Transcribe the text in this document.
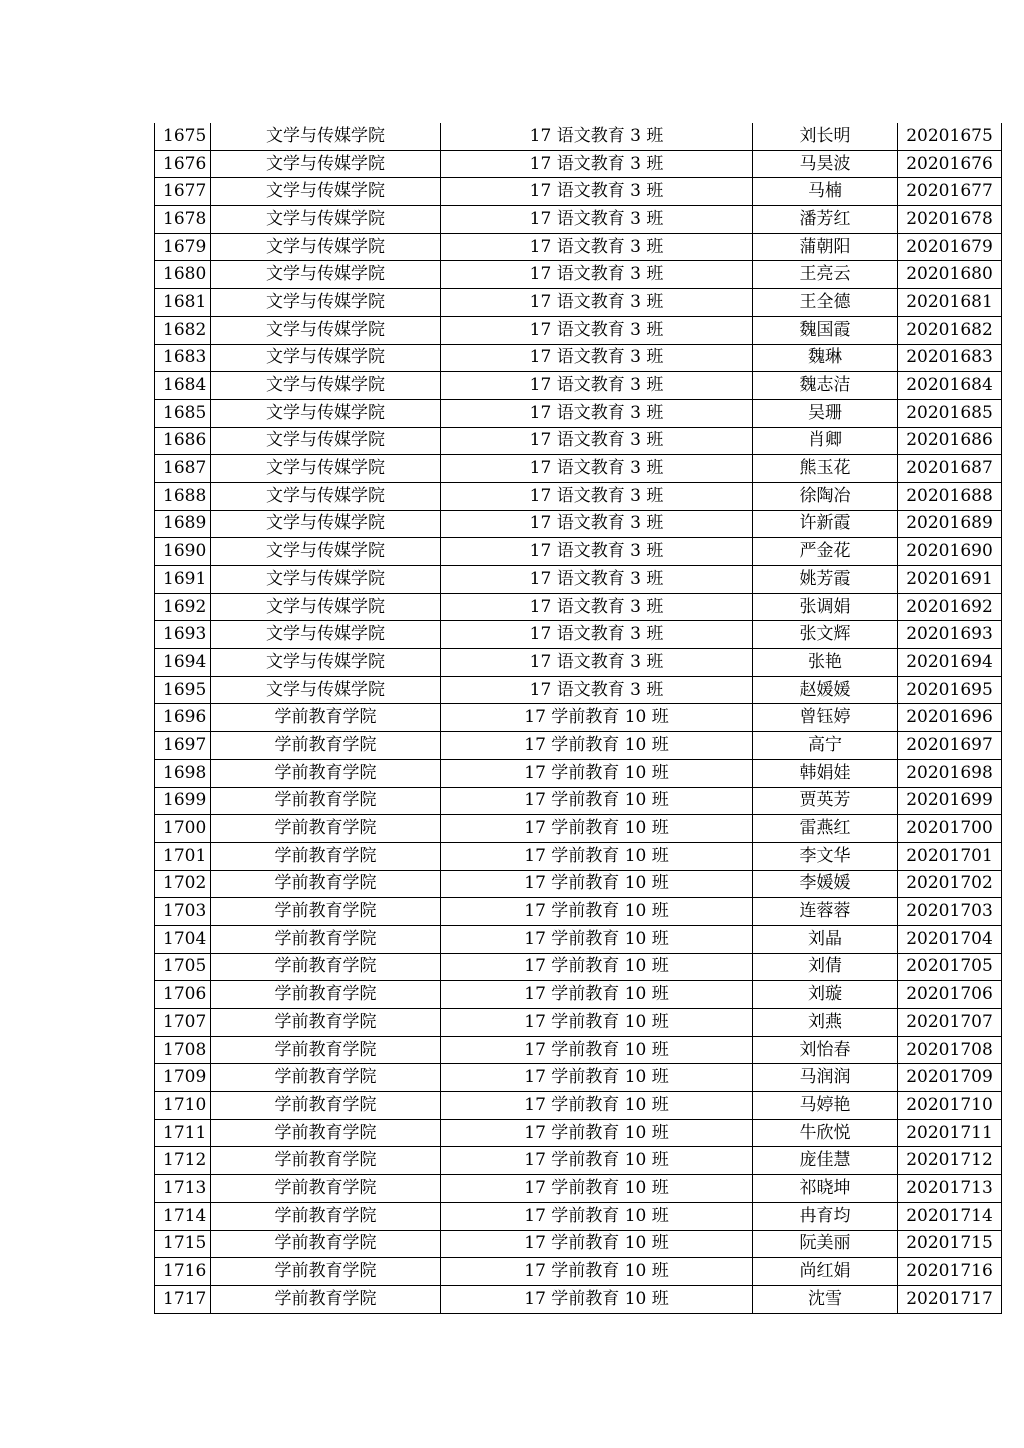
1675	文学与传媒学院	17 语文教育 3 班	刘长明	20201675
1676	文学与传媒学院	17 语文教育 3 班	马昊波	20201676
1677	文学与传媒学院	17 语文教育 3 班	马楠	20201677
1678	文学与传媒学院	17 语文教育 3 班	潘芳红	20201678
1679	文学与传媒学院	17 语文教育 3 班	蒲朝阳	20201679
1680	文学与传媒学院	17 语文教育 3 班	王亮云	20201680
1681	文学与传媒学院	17 语文教育 3 班	王全德	20201681
1682	文学与传媒学院	17 语文教育 3 班	魏国霞	20201682
1683	文学与传媒学院	17 语文教育 3 班	魏琳	20201683
1684	文学与传媒学院	17 语文教育 3 班	魏志洁	20201684
1685	文学与传媒学院	17 语文教育 3 班	吴珊	20201685
1686	文学与传媒学院	17 语文教育 3 班	肖卿	20201686
1687	文学与传媒学院	17 语文教育 3 班	熊玉花	20201687
1688	文学与传媒学院	17 语文教育 3 班	徐陶冶	20201688
1689	文学与传媒学院	17 语文教育 3 班	许新霞	20201689
1690	文学与传媒学院	17 语文教育 3 班	严金花	20201690
1691	文学与传媒学院	17 语文教育 3 班	姚芳霞	20201691
1692	文学与传媒学院	17 语文教育 3 班	张调娟	20201692
1693	文学与传媒学院	17 语文教育 3 班	张文辉	20201693
1694	文学与传媒学院	17 语文教育 3 班	张艳	20201694
1695	文学与传媒学院	17 语文教育 3 班	赵媛媛	20201695
1696	学前教育学院	17 学前教育 10 班	曾钰婷	20201696
1697	学前教育学院	17 学前教育 10 班	高宁	20201697
1698	学前教育学院	17 学前教育 10 班	韩娟娃	20201698
1699	学前教育学院	17 学前教育 10 班	贾英芳	20201699
1700	学前教育学院	17 学前教育 10 班	雷燕红	20201700
1701	学前教育学院	17 学前教育 10 班	李文华	20201701
1702	学前教育学院	17 学前教育 10 班	李媛媛	20201702
1703	学前教育学院	17 学前教育 10 班	连蓉蓉	20201703
1704	学前教育学院	17 学前教育 10 班	刘晶	20201704
1705	学前教育学院	17 学前教育 10 班	刘倩	20201705
1706	学前教育学院	17 学前教育 10 班	刘璇	20201706
1707	学前教育学院	17 学前教育 10 班	刘燕	20201707
1708	学前教育学院	17 学前教育 10 班	刘怡春	20201708
1709	学前教育学院	17 学前教育 10 班	马润润	20201709
1710	学前教育学院	17 学前教育 10 班	马婷艳	20201710
1711	学前教育学院	17 学前教育 10 班	牛欣悦	20201711
1712	学前教育学院	17 学前教育 10 班	庞佳慧	20201712
1713	学前教育学院	17 学前教育 10 班	祁晓坤	20201713
1714	学前教育学院	17 学前教育 10 班	冉育均	20201714
1715	学前教育学院	17 学前教育 10 班	阮美丽	20201715
1716	学前教育学院	17 学前教育 10 班	尚红娟	20201716
1717	学前教育学院	17 学前教育 10 班	沈雪	20201717
